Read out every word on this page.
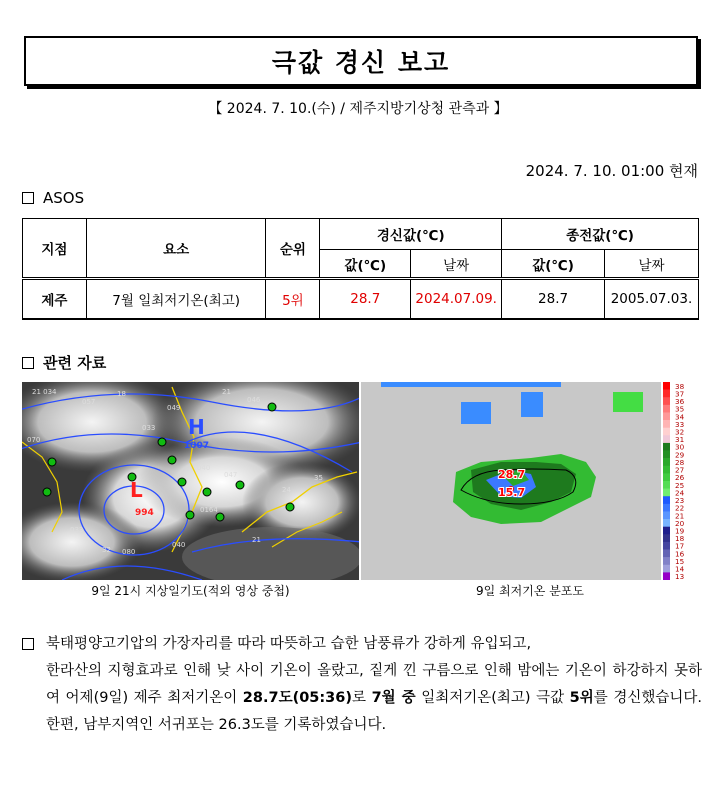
극값 경신 보고
【 2024. 7. 10.(수) / 제주지방기상청 관측과 】
2024. 7. 10. 01:00 현재
ASOS
지점	요소	순위	경신값(℃)		종전값(℃)	
			값(℃)	날짜	값(℃)	날짜
제주	7월 일최저기온(최고)	5위	28.7	2024.07.09.	28.7	2005.07.03.
관련 자료
21 034
057
18
049
21
046
033
040
047
0164
070
033
32 080
24
35
21
040
H
1007
L
994
9일 21시 지상일기도(적외 영상 중첩)
28.7
15.7
9일 최저기온 분포도
38
37
36
35
34
33
32
31
30
29
28
27
26
25
24
23
22
21
20
19
18
17
16
15
14
13
북태평양고기압의 가장자리를 따라 따뜻하고 습한 남풍류가 강하게 유입되고,
한라산의 지형효과로 인해 낮 사이 기온이 올랐고, 짙게 낀 구름으로 인해 밤에는 기온이 하강하지 못하여 어제(9일) 제주 최저기온이 28.7도(05:36)로 7월 중 일최저기온(최고) 극값 5위를 경신했습니다. 한편, 남부지역인 서귀포는 26.3도를 기록하였습니다.
